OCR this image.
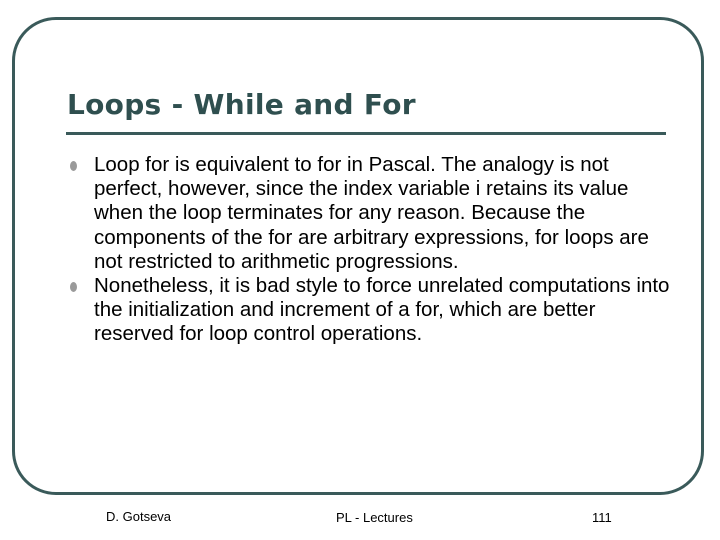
Loops - While and For
Loop for is equivalent to for in Pascal. The analogy is not perfect, however, since the index variable i retains its value when the loop terminates for any reason. Because the components of the for are arbitrary expressions, for loops are not restricted to arithmetic progressions.
Nonetheless, it is bad style to force unrelated computations into the initialization and increment of a for, which are better reserved for loop control operations.
D. Gotseva	PL - Lectures	111
